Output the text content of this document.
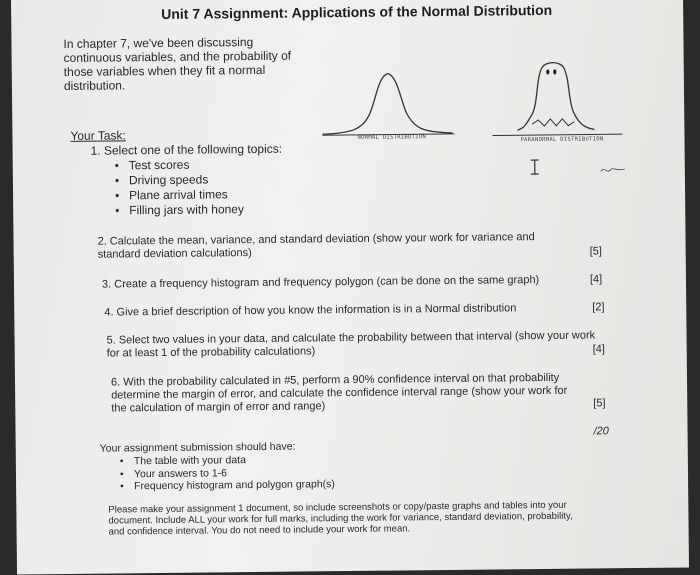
Unit 7 Assignment: Applications of the Normal Distribution
In chapter 7, we've been discussing continuous variables, and the probability of those variables when they fit a normal distribution.
NORMAL DISTRIBUTION	PARANORMAL DISTRIBUTION
Your Task:
1. Select one of the following topics:
• Test scores
• Driving speeds
• Plane arrival times
• Filling jars with honey
2. Calculate the mean, variance, and standard deviation (show your work for variance and standard deviation calculations)	[5]
3. Create a frequency histogram and frequency polygon (can be done on the same graph)	[4]
4. Give a brief description of how you know the information is in a Normal distribution	[2]
5. Select two values in your data, and calculate the probability between that interval (show your work for at least 1 of the probability calculations)	[4]
6. With the probability calculated in #5, perform a 90% confidence interval on that probability determine the margin of error, and calculate the confidence interval range (show your work for the calculation of margin of error and range)	[5]
/20
Your assignment submission should have:
• The table with your data
• Your answers to 1-6
• Frequency histogram and polygon graph(s)
Please make your assignment 1 document, so include screenshots or copy/paste graphs and tables into your document. Include ALL your work for full marks, including the work for variance, standard deviation, probability, and confidence interval. You do not need to include your work for mean.
